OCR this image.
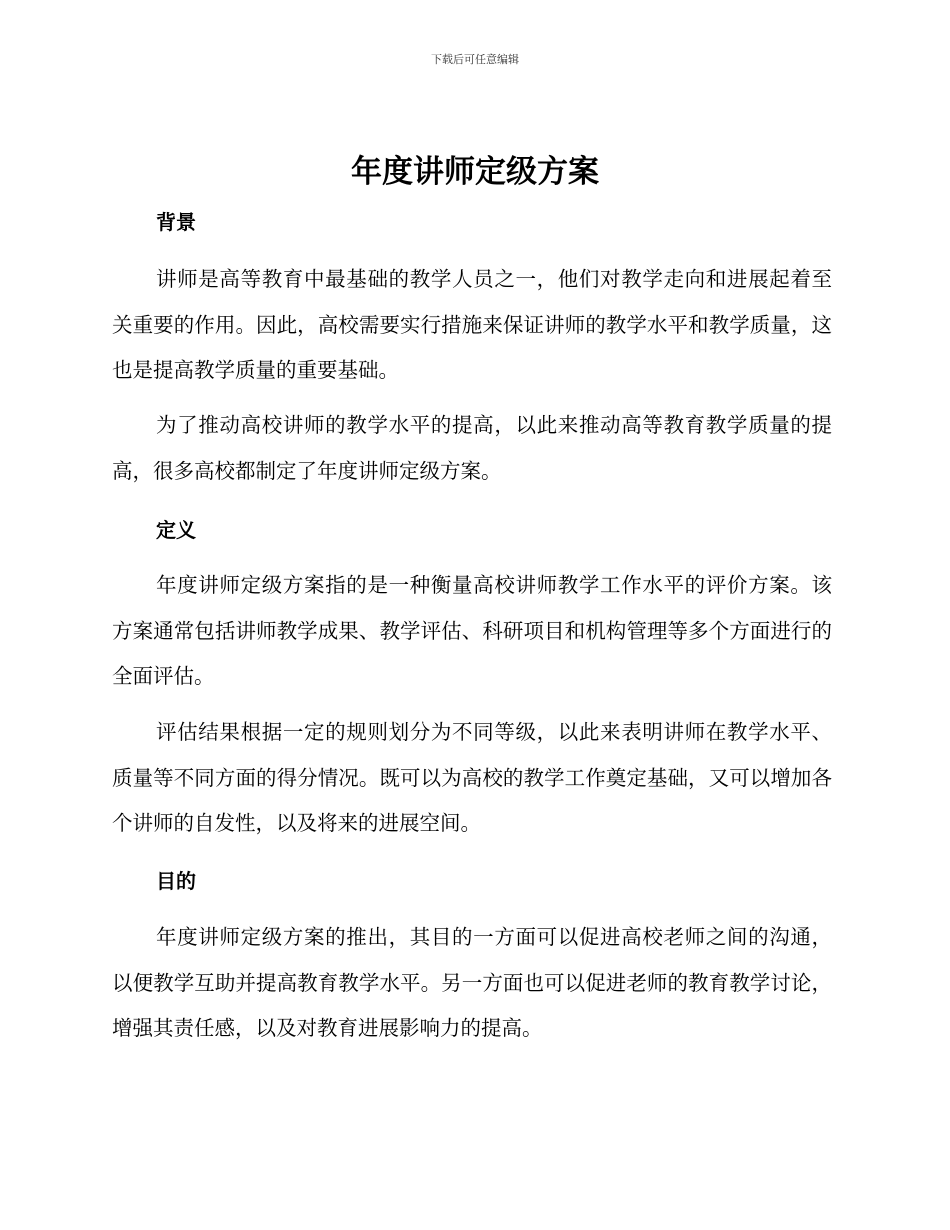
下载后可任意编辑
年度讲师定级方案
背景

讲师是高等教育中最基础的教学人员之一，他们对教学走向和进展起着至关重要的作用。因此，高校需要实行措施来保证讲师的教学水平和教学质量，这也是提高教学质量的重要基础。

为了推动高校讲师的教学水平的提高，以此来推动高等教育教学质量的提高，很多高校都制定了年度讲师定级方案。

定义

年度讲师定级方案指的是一种衡量高校讲师教学工作水平的评价方案。该方案通常包括讲师教学成果、教学评估、科研项目和机构管理等多个方面进行的全面评估。

评估结果根据一定的规则划分为不同等级，以此来表明讲师在教学水平、质量等不同方面的得分情况。既可以为高校的教学工作奠定基础，又可以增加各个讲师的自发性，以及将来的进展空间。

目的

年度讲师定级方案的推出，其目的一方面可以促进高校老师之间的沟通，以便教学互助并提高教育教学水平。另一方面也可以促进老师的教育教学讨论，增强其责任感，以及对教育进展影响力的提高。
